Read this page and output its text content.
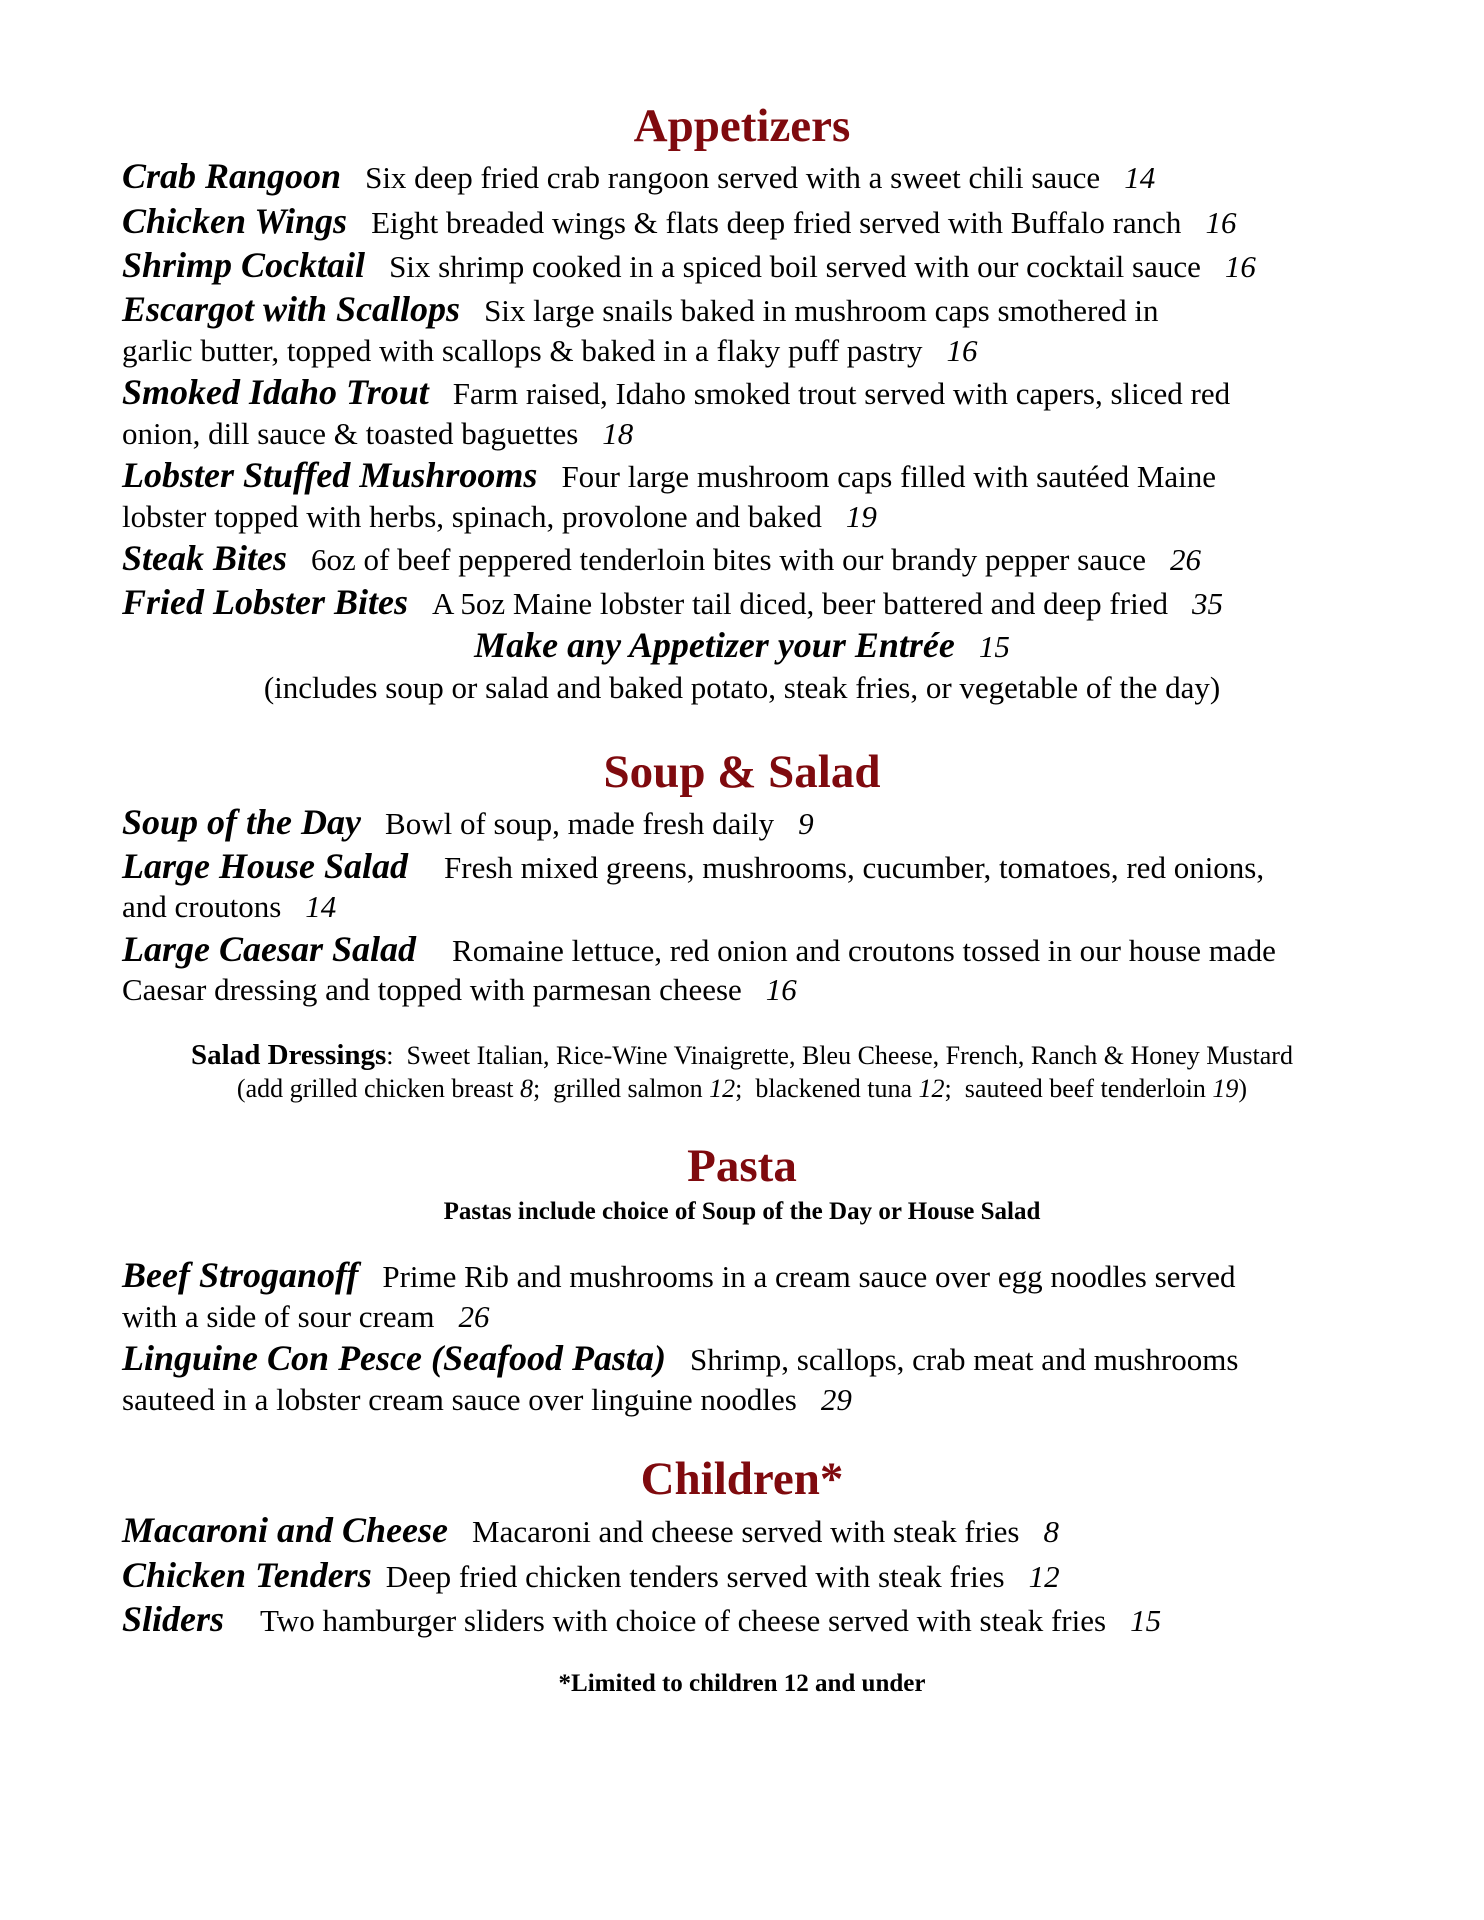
Appetizers
Crab Rangoon Six deep fried crab rangoon served with a sweet chili sauce 14
Chicken Wings Eight breaded wings & flats deep fried served with Buffalo ranch 16
Shrimp Cocktail Six shrimp cooked in a spiced boil served with our cocktail sauce 16
Escargot with Scallops Six large snails baked in mushroom caps smothered in
garlic butter, topped with scallops & baked in a flaky puff pastry 16
Smoked Idaho Trout Farm raised, Idaho smoked trout served with capers, sliced red
onion, dill sauce & toasted baguettes 18
Lobster Stuffed Mushrooms Four large mushroom caps filled with sautéed Maine
lobster topped with herbs, spinach, provolone and baked 19
Steak Bites 6oz of beef peppered tenderloin bites with our brandy pepper sauce 26
Fried Lobster Bites A 5oz Maine lobster tail diced, beer battered and deep fried 35
Make any Appetizer your Entrée 15
(includes soup or salad and baked potato, steak fries, or vegetable of the day)
Soup & Salad
Soup of the Day Bowl of soup, made fresh daily 9
Large House Salad Fresh mixed greens, mushrooms, cucumber, tomatoes, red onions,
and croutons 14
Large Caesar Salad Romaine lettuce, red onion and croutons tossed in our house made
Caesar dressing and topped with parmesan cheese 16
Salad Dressings:  Sweet Italian, Rice-Wine Vinaigrette, Bleu Cheese, French, Ranch & Honey Mustard
(add grilled chicken breast 8;  grilled salmon 12;  blackened tuna 12;  sauteed beef tenderloin 19)
Pasta
Pastas include choice of Soup of the Day or House Salad
Beef Stroganoff Prime Rib and mushrooms in a cream sauce over egg noodles served
with a side of sour cream 26
Linguine Con Pesce (Seafood Pasta) Shrimp, scallops, crab meat and mushrooms
sauteed in a lobster cream sauce over linguine noodles 29
Children*
Macaroni and Cheese Macaroni and cheese served with steak fries 8
Chicken Tenders Deep fried chicken tenders served with steak fries 12
Sliders Two hamburger sliders with choice of cheese served with steak fries 15
*Limited to children 12 and under
